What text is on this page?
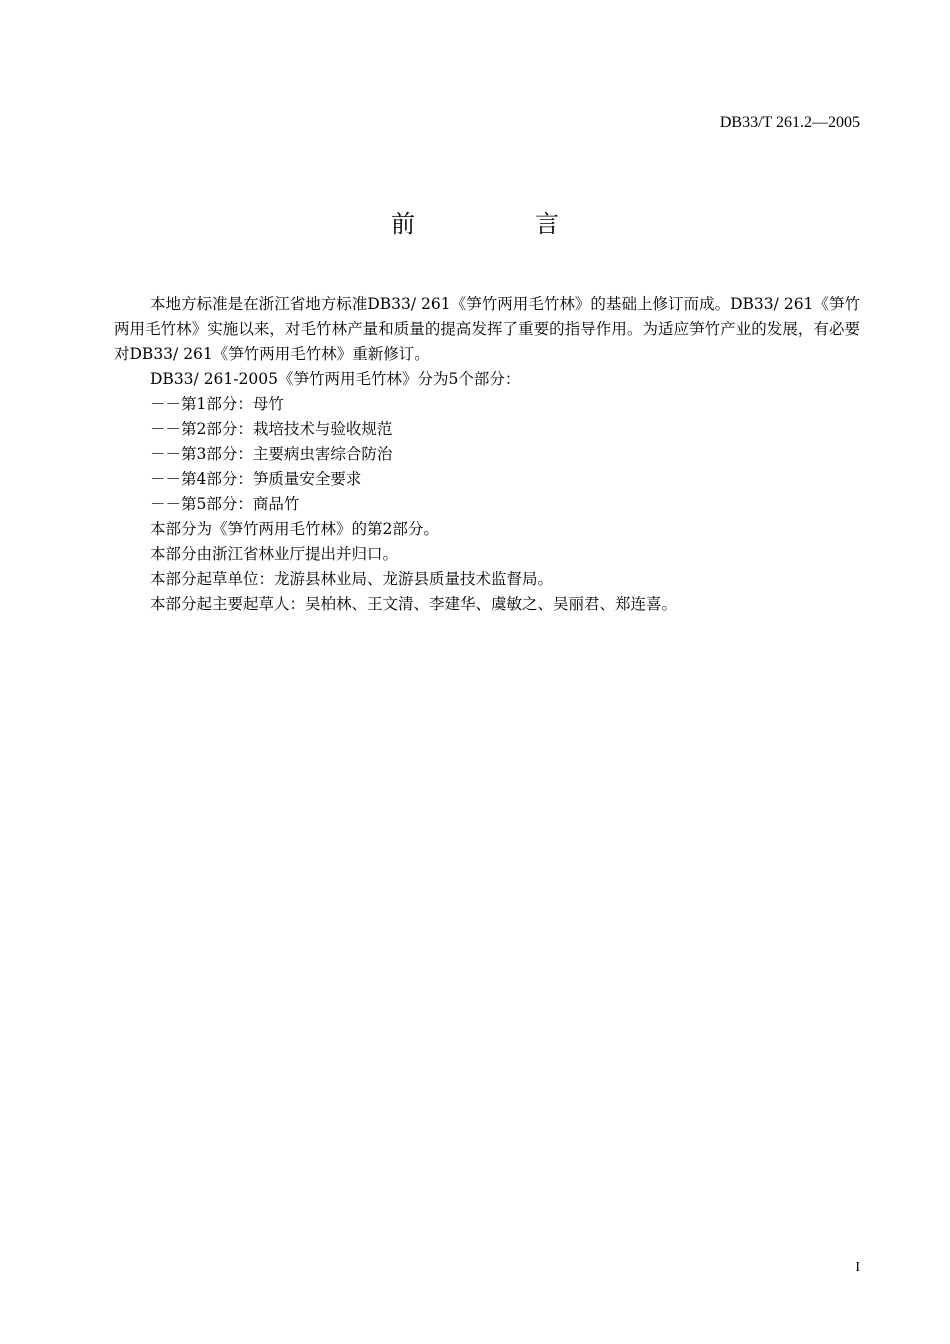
DB33/T 261.2—2005
前　言

本地方标准是在浙江省地方标准DB33/ 261《笋竹两用毛竹林》的基础上修订而成。DB33/ 261《笋竹两用毛竹林》实施以来，对毛竹林产量和质量的提高发挥了重要的指导作用。为适应笋竹产业的发展，有必要对DB33/ 261《笋竹两用毛竹林》重新修订。

DB33/ 261-2005《笋竹两用毛竹林》分为5个部分：

－－第1部分：母竹

－－第2部分：栽培技术与验收规范

－－第3部分：主要病虫害综合防治

－－第4部分：笋质量安全要求

－－第5部分：商品竹

本部分为《笋竹两用毛竹林》的第2部分。

本部分由浙江省林业厅提出并归口。

本部分起草单位：龙游县林业局、龙游县质量技术监督局。

本部分起主要起草人：吴柏林、王文清、李建华、虞敏之、吴丽君、郑连喜。

I
